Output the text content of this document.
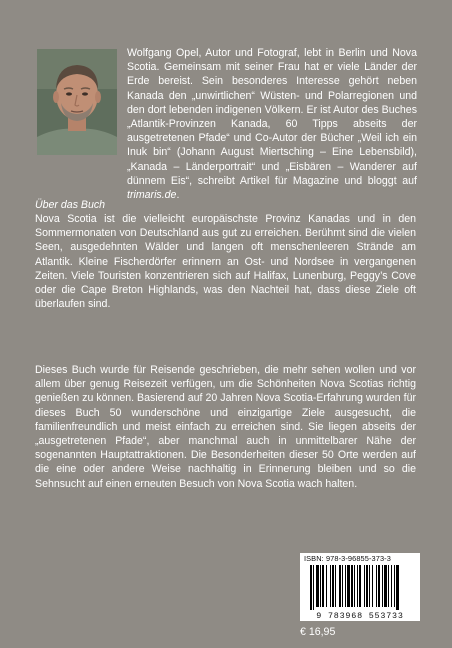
Wolfgang Opel, Autor und Fotograf, lebt in Berlin und Nova Scotia. Gemeinsam mit seiner Frau hat er viele Länder der Erde bereist. Sein besonderes Interesse gehört neben Kanada den „unwirtlichen“ Wüsten- und Polarregionen und den dort lebenden indigenen Völkern. Er ist Autor des Buches „Atlantik-Provinzen Kanada, 60 Tipps abseits der ausgetretenen Pfade“ und Co-Autor der Bücher „Weil ich ein Inuk bin“ (Johann August Miertsching – Eine Lebensbild), „Kanada – Länderportrait“ und „Eisbären – Wanderer auf dünnem Eis“, schreibt Artikel für Magazine und bloggt auf trimaris.de.
Über das Buch
Nova Scotia ist die vielleicht europäischste Provinz Kanadas und in den Sommermonaten von Deutschland aus gut zu erreichen. Berühmt sind die vielen Seen, ausgedehnten Wälder und langen oft menschenleeren Strände am Atlantik. Kleine Fischerdörfer erinnern an Ost- und Nordsee in vergangenen Zeiten. Viele Touristen konzentrieren sich auf Halifax, Lunenburg, Peggy’s Cove oder die Cape Breton Highlands, was den Nachteil hat, dass diese Ziele oft überlaufen sind.
Dieses Buch wurde für Reisende geschrieben, die mehr sehen wollen und vor allem über genug Reisezeit verfügen, um die Schönheiten Nova Scotias richtig genießen zu können. Basierend auf 20 Jahren Nova Scotia-Erfahrung wurden für dieses Buch 50 wunderschöne und einzigartige Ziele ausgesucht, die familienfreundlich und meist einfach zu erreichen sind. Sie liegen abseits der „ausgetretenen Pfade“, aber manchmal auch in unmittelbarer Nähe der sogenannten Hauptattraktionen. Die Besonderheiten dieser 50 Orte werden auf die eine oder andere Weise nachhaltig in Erinnerung bleiben und so die Sehnsucht auf einen erneuten Besuch von Nova Scotia wach halten.
ISBN: 978-3-96855-373-3
9 783968 553733
€ 16,95
